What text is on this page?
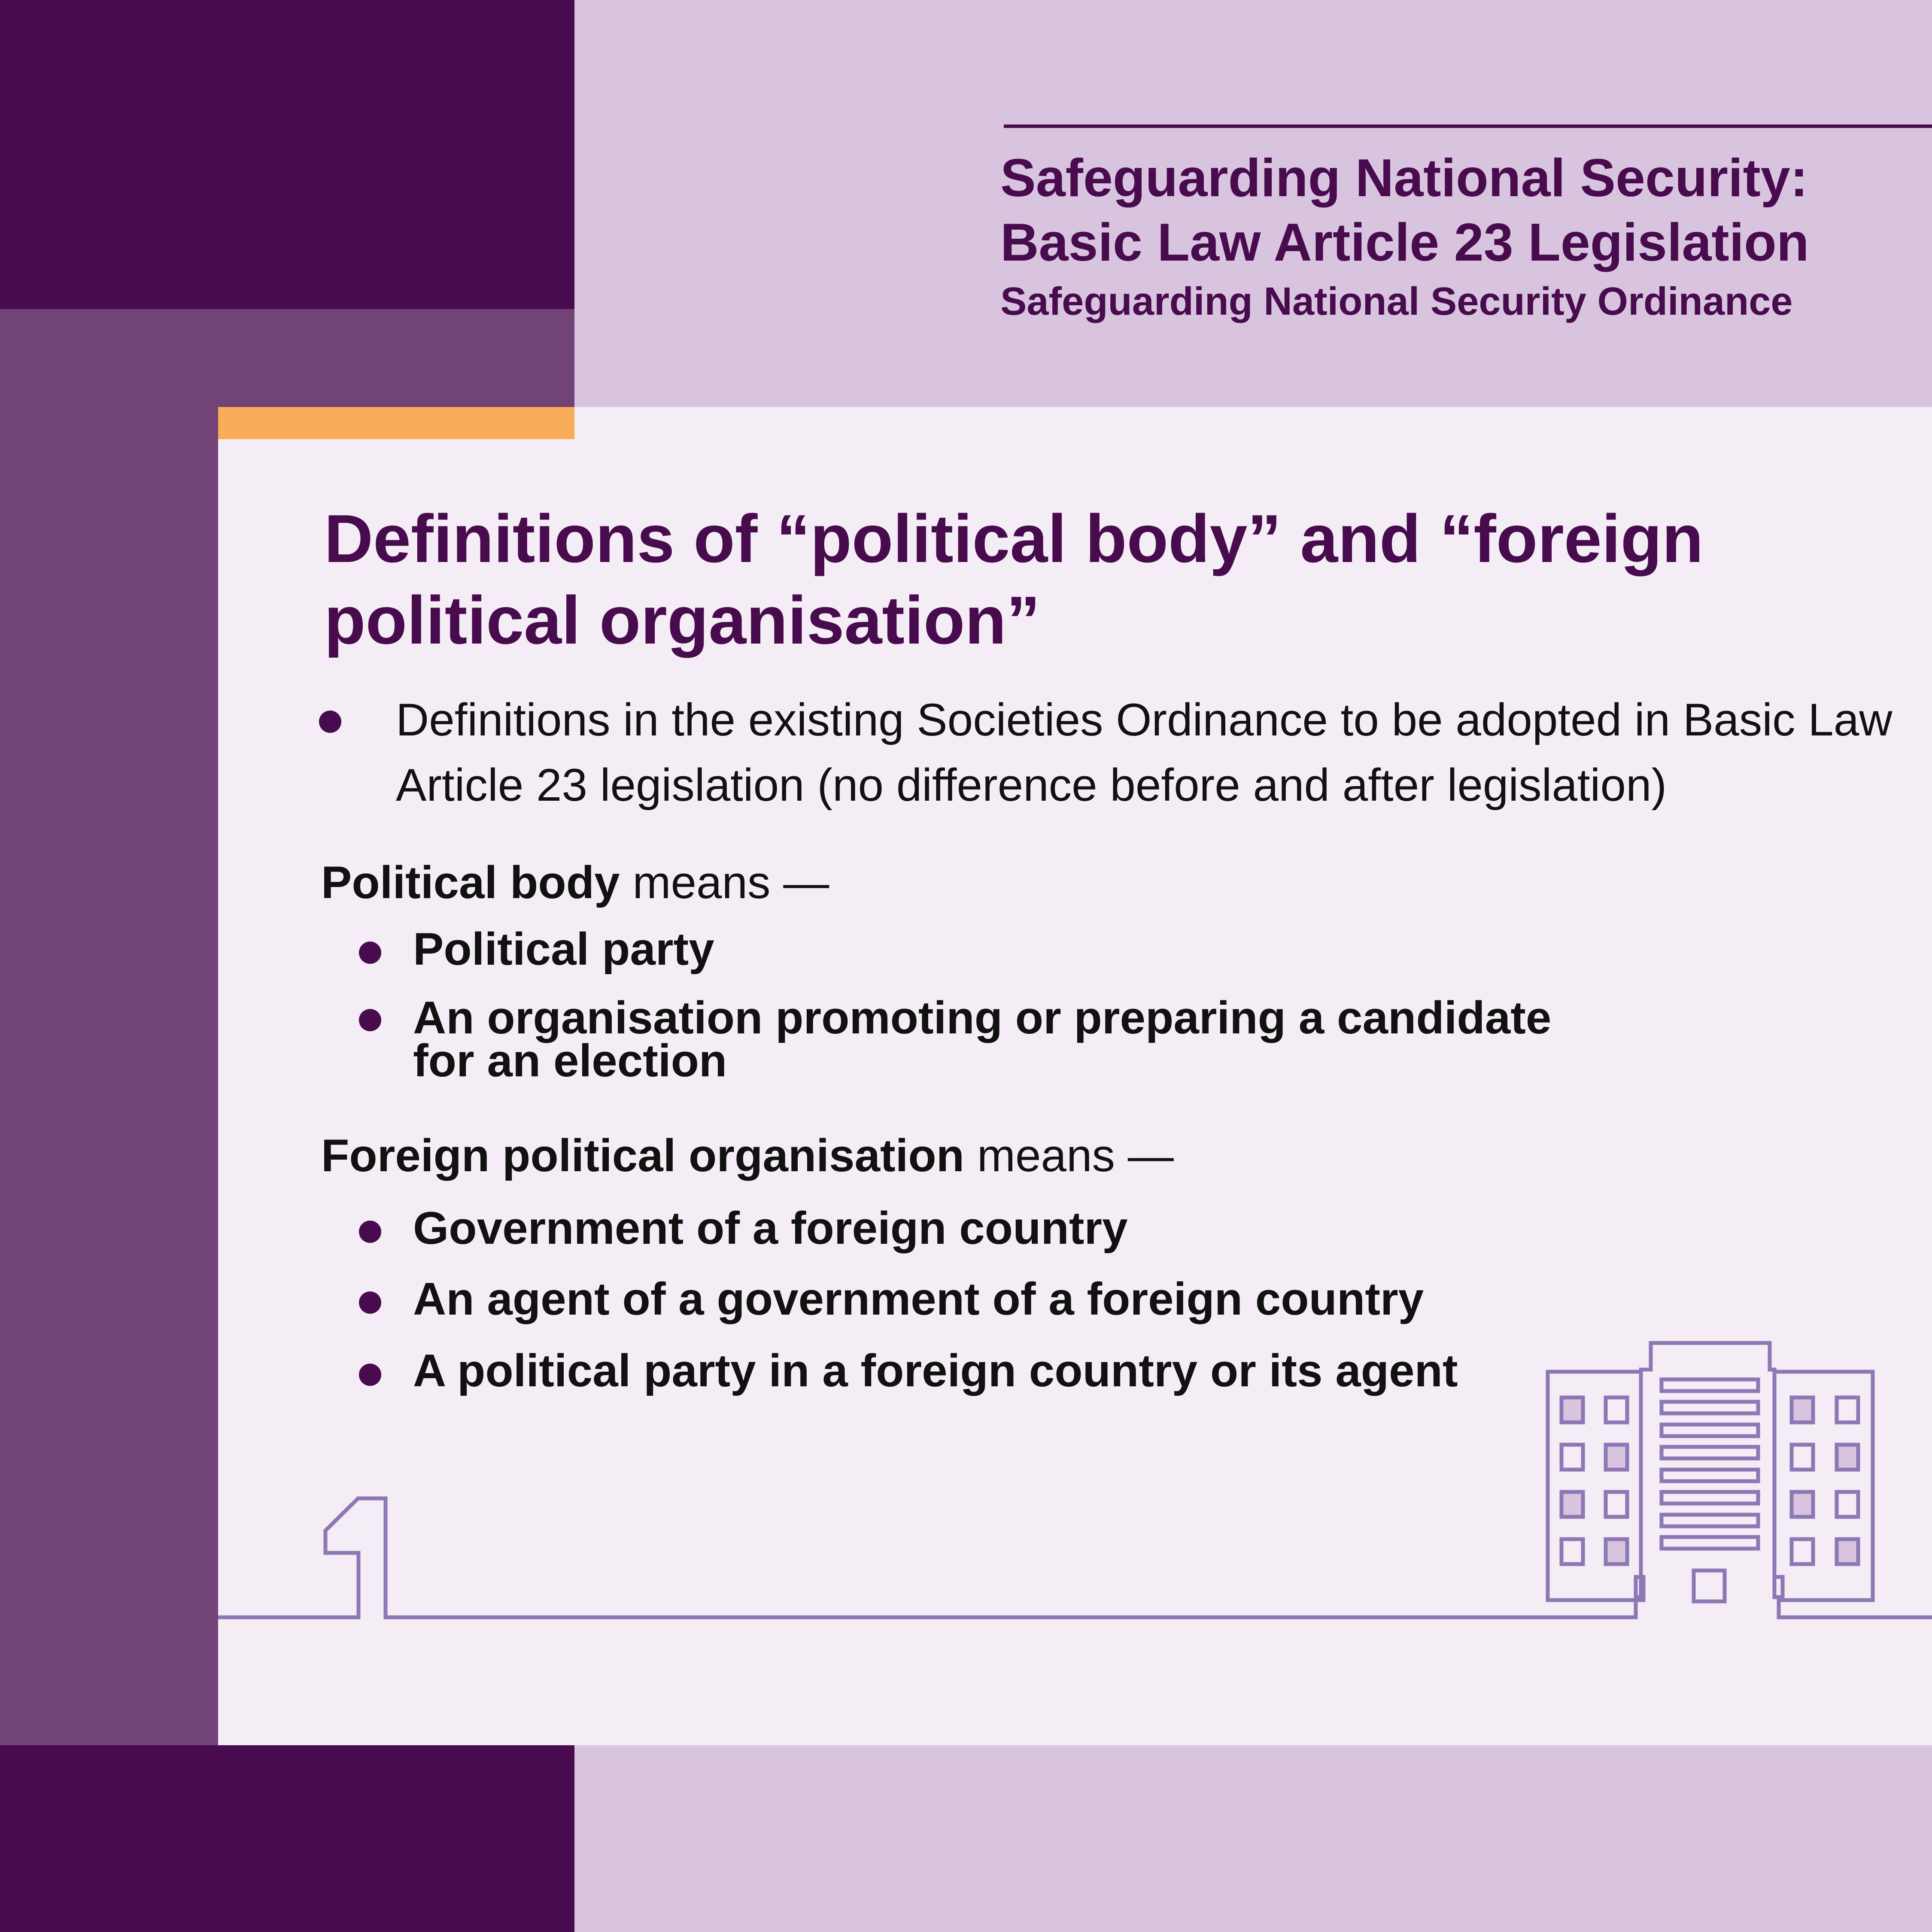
Safeguarding National Security:
Basic Law Article 23 Legislation
Safeguarding National Security Ordinance
Definitions of “political body” and “foreign political organisation”
Definitions in the existing Societies Ordinance to be adopted in Basic Law Article 23 legislation (no difference before and after legislation)
Political body means —
Political party
An organisation promoting or preparing a candidate for an election
Foreign political organisation means —
Government of a foreign country
An agent of a government of a foreign country
A political party in a foreign country or its agent
